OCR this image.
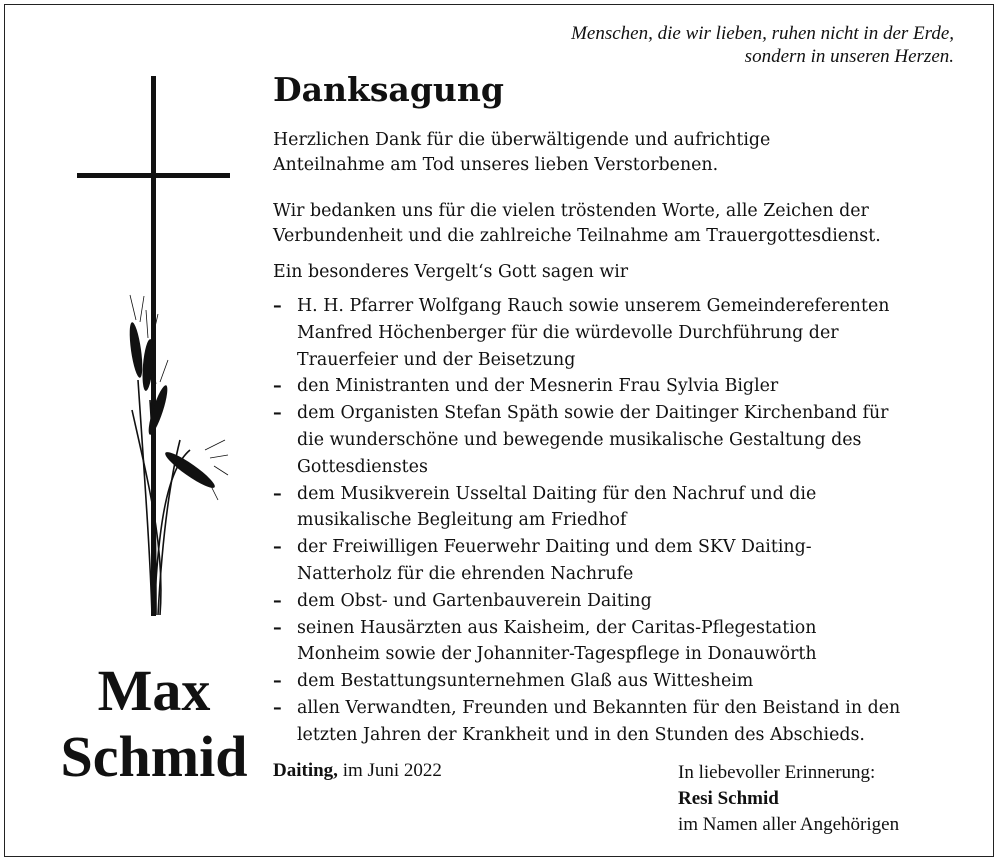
Menschen, die wir lieben, ruhen nicht in der Erde,
sondern in unseren Herzen.
Max
Schmid
Danksagung
Herzlichen Dank für die überwältigende und aufrichtige
Anteilnahme am Tod unseres lieben Verstorbenen.
Wir bedanken uns für die vielen tröstenden Worte, alle Zeichen der
Verbundenheit und die zahlreiche Teilnahme am Trauergottesdienst.
Ein besonderes Vergelt‘s Gott sagen wir
– H. H. Pfarrer Wolfgang Rauch sowie unserem Gemeindereferenten
Manfred Höchenberger für die würdevolle Durchführung der
Trauerfeier und der Beisetzung
– den Ministranten und der Mesnerin Frau Sylvia Bigler
– dem Organisten Stefan Späth sowie der Daitinger Kirchenband für
die wunderschöne und bewegende musikalische Gestaltung des
Gottesdienstes
– dem Musikverein Usseltal Daiting für den Nachruf und die
musikalische Begleitung am Friedhof
– der Freiwilligen Feuerwehr Daiting und dem SKV Daiting-
Natterholz für die ehrenden Nachrufe
– dem Obst- und Gartenbauverein Daiting
– seinen Hausärzten aus Kaisheim, der Caritas-Pflegestation
Monheim sowie der Johanniter-Tagespflege in Donauwörth
– dem Bestattungsunternehmen Glaß aus Wittesheim
– allen Verwandten, Freunden und Bekannten für den Beistand in den
letzten Jahren der Krankheit und in den Stunden des Abschieds.
Daiting, im Juni 2022	In liebevoller Erinnerung:
Resi Schmid
im Namen aller Angehörigen
